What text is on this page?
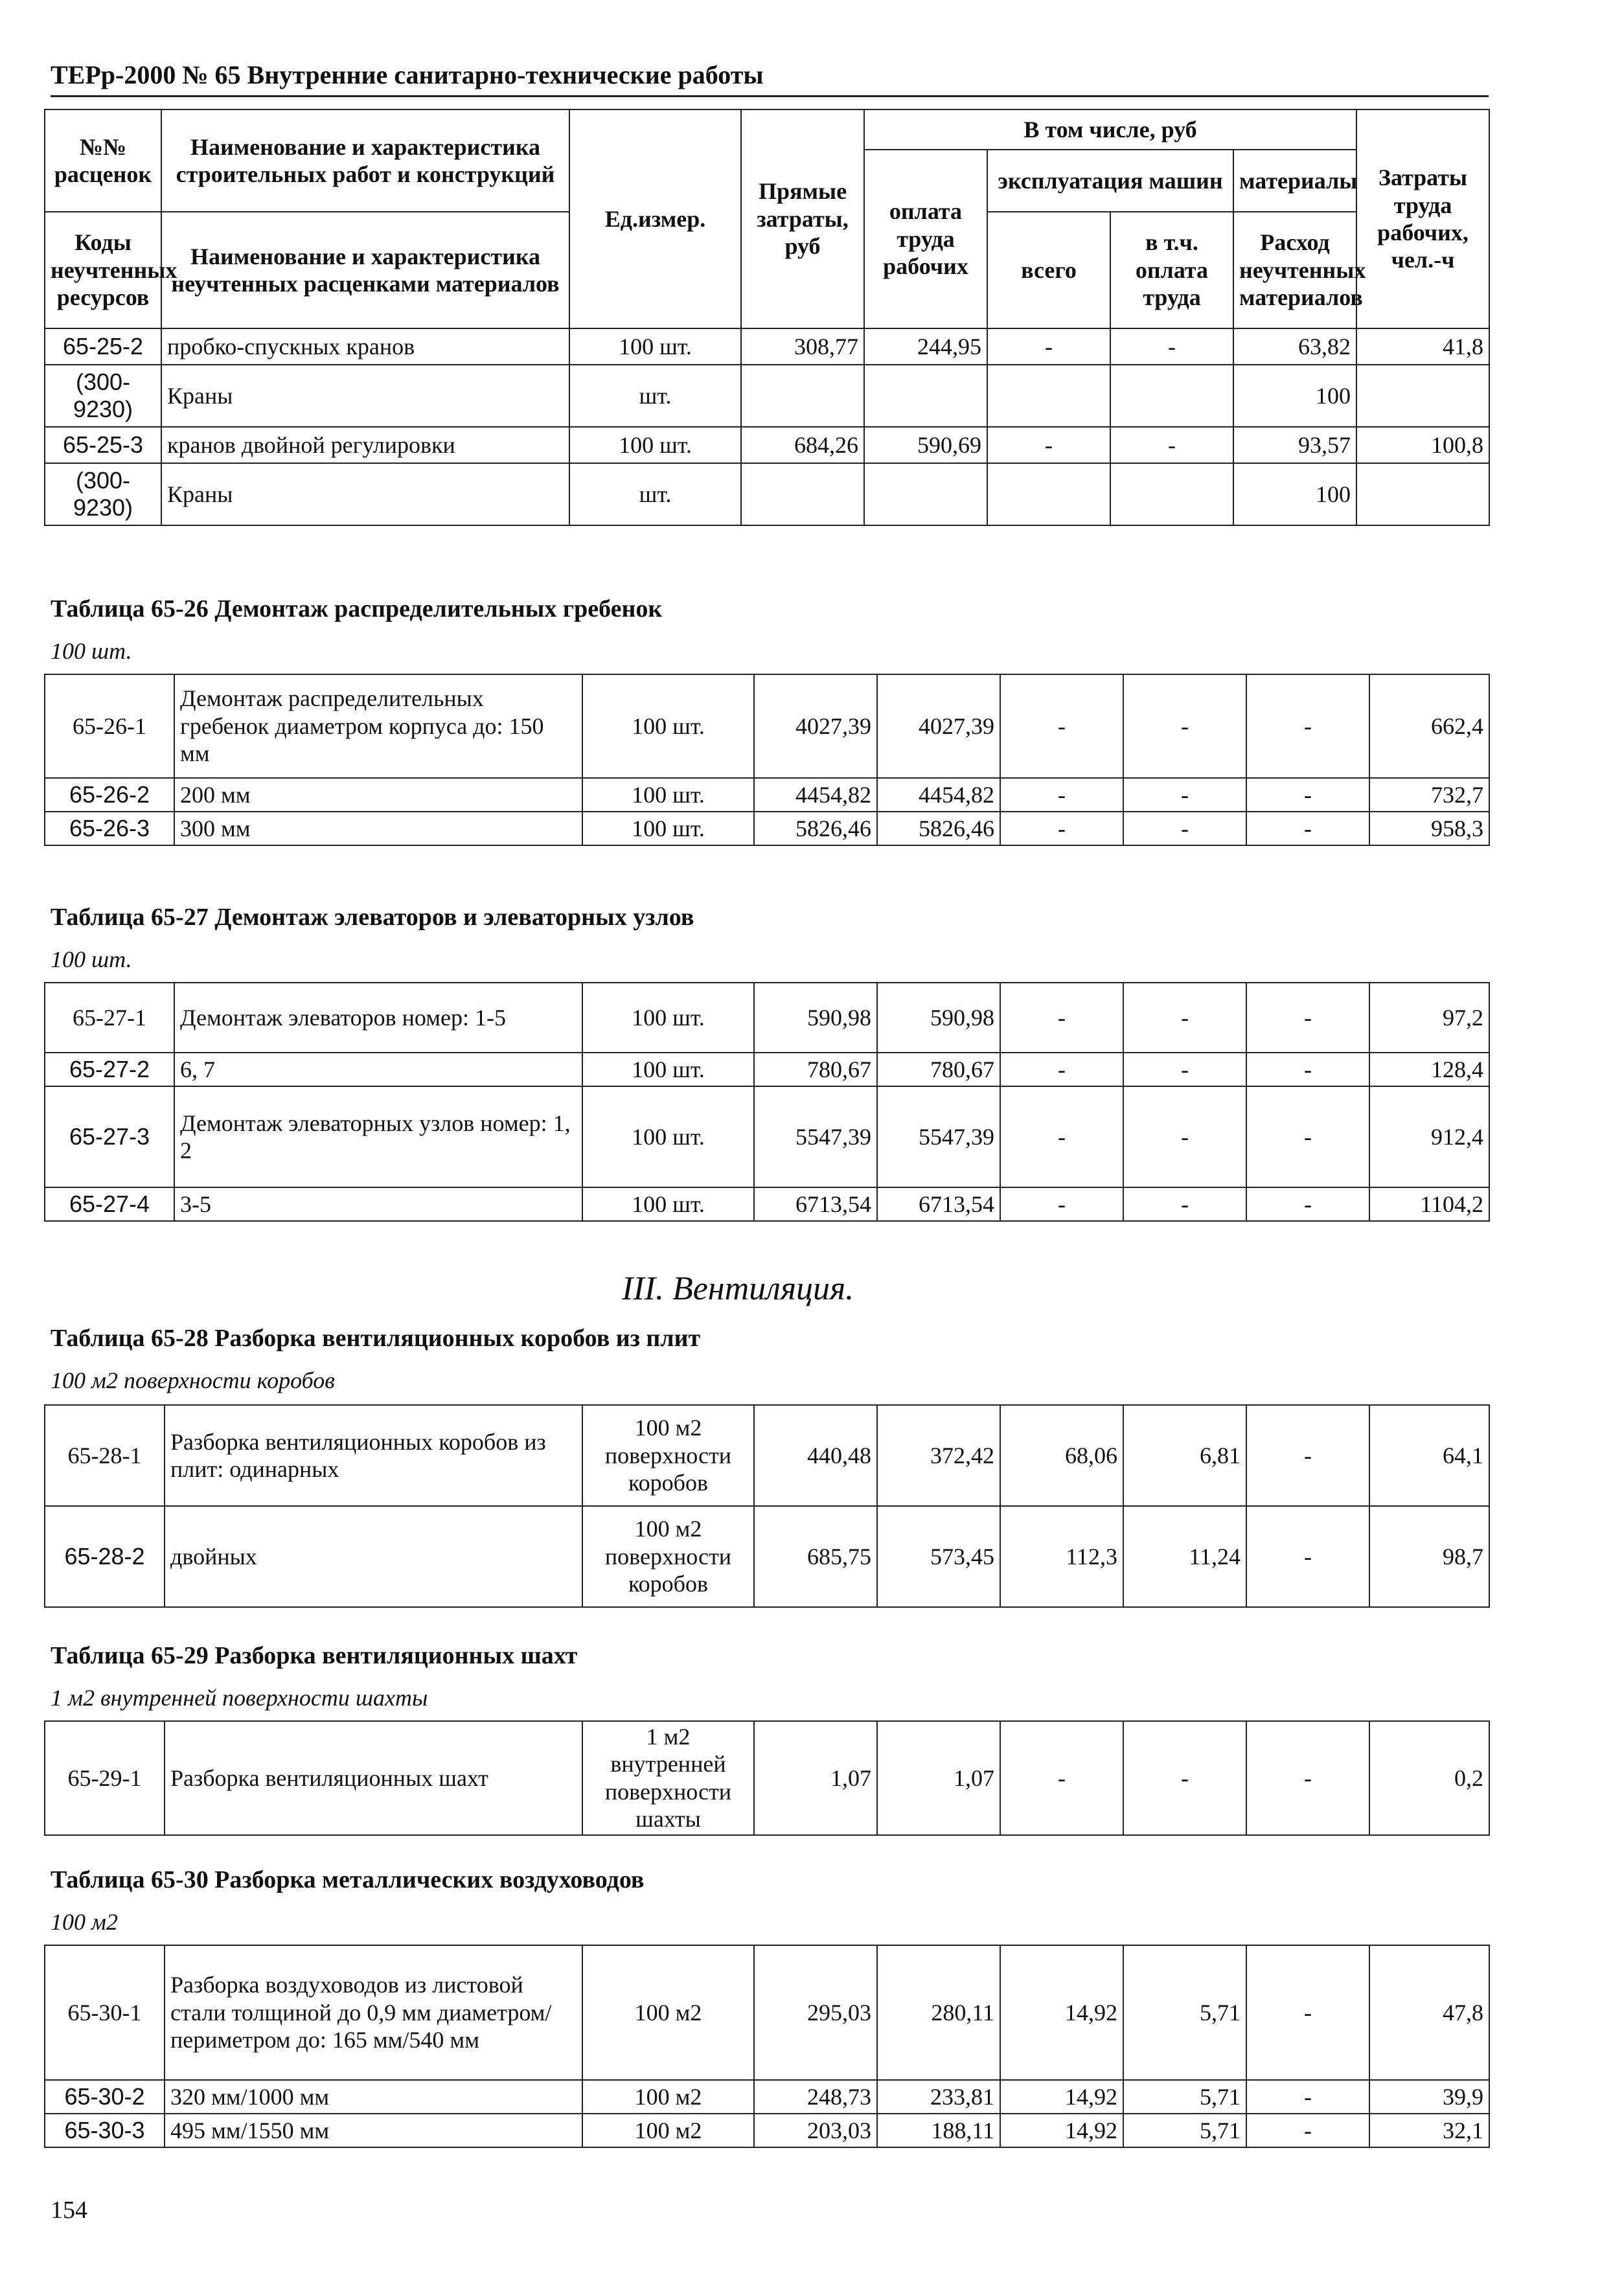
ТЕРр-2000 № 65 Внутренние санитарно-технические работы
№№ расценок	Наименование и характеристика строительных работ и конструкций	Ед.измер.	Прямые затраты, руб	В том числе, руб				Затраты труда рабочих, чел.-ч
				оплата труда рабочих	эксплуатация машин		материалы	
Коды неучтенных ресурсов	Наименование и характеристика неучтенных расценками материалов				всего	в т.ч. оплата труда	Расход неучтенных материалов	

65-25-2	пробко-спускных кранов	100 шт.	308,77	244,95	-	-	63,82	41,8
(300-9230)	Краны	шт.					100	
65-25-3	кранов двойной регулировки	100 шт.	684,26	590,69	-	-	93,57	100,8
(300-9230)	Краны	шт.					100	
Таблица 65-26 Демонтаж распределительных гребенок
100 шт.
65-26-1	Демонтаж распределительных гребенок диаметром корпуса до: 150 мм	100 шт.	4027,39	4027,39	-	-	-	662,4
65-26-2	200 мм	100 шт.	4454,82	4454,82	-	-	-	732,7
65-26-3	300 мм	100 шт.	5826,46	5826,46	-	-	-	958,3
Таблица 65-27 Демонтаж элеваторов и элеваторных узлов
100 шт.
65-27-1	Демонтаж элеваторов номер: 1-5	100 шт.	590,98	590,98	-	-	-	97,2
65-27-2	6, 7	100 шт.	780,67	780,67	-	-	-	128,4
65-27-3	Демонтаж элеваторных узлов номер: 1, 2	100 шт.	5547,39	5547,39	-	-	-	912,4
65-27-4	3-5	100 шт.	6713,54	6713,54	-	-	-	1104,2
III. Вентиляция.
Таблица 65-28 Разборка вентиляционных коробов из плит
100 м2 поверхности коробов
65-28-1	Разборка вентиляционных коробов из плит: одинарных	100 м2 поверхности коробов	440,48	372,42	68,06	6,81	-	64,1
65-28-2	двойных	100 м2 поверхности коробов	685,75	573,45	112,3	11,24	-	98,7
Таблица 65-29 Разборка вентиляционных шахт
1 м2 внутренней поверхности шахты
65-29-1	Разборка вентиляционных шахт	1 м2 внутренней поверхности шахты	1,07	1,07	-	-	-	0,2
Таблица 65-30 Разборка металлических воздуховодов
100 м2
65-30-1	Разборка воздуховодов из листовой стали толщиной до 0,9 мм диаметром/периметром до: 165 мм/540 мм	100 м2	295,03	280,11	14,92	5,71	-	47,8
65-30-2	320 мм/1000 мм	100 м2	248,73	233,81	14,92	5,71	-	39,9
65-30-3	495 мм/1550 мм	100 м2	203,03	188,11	14,92	5,71	-	32,1
154
